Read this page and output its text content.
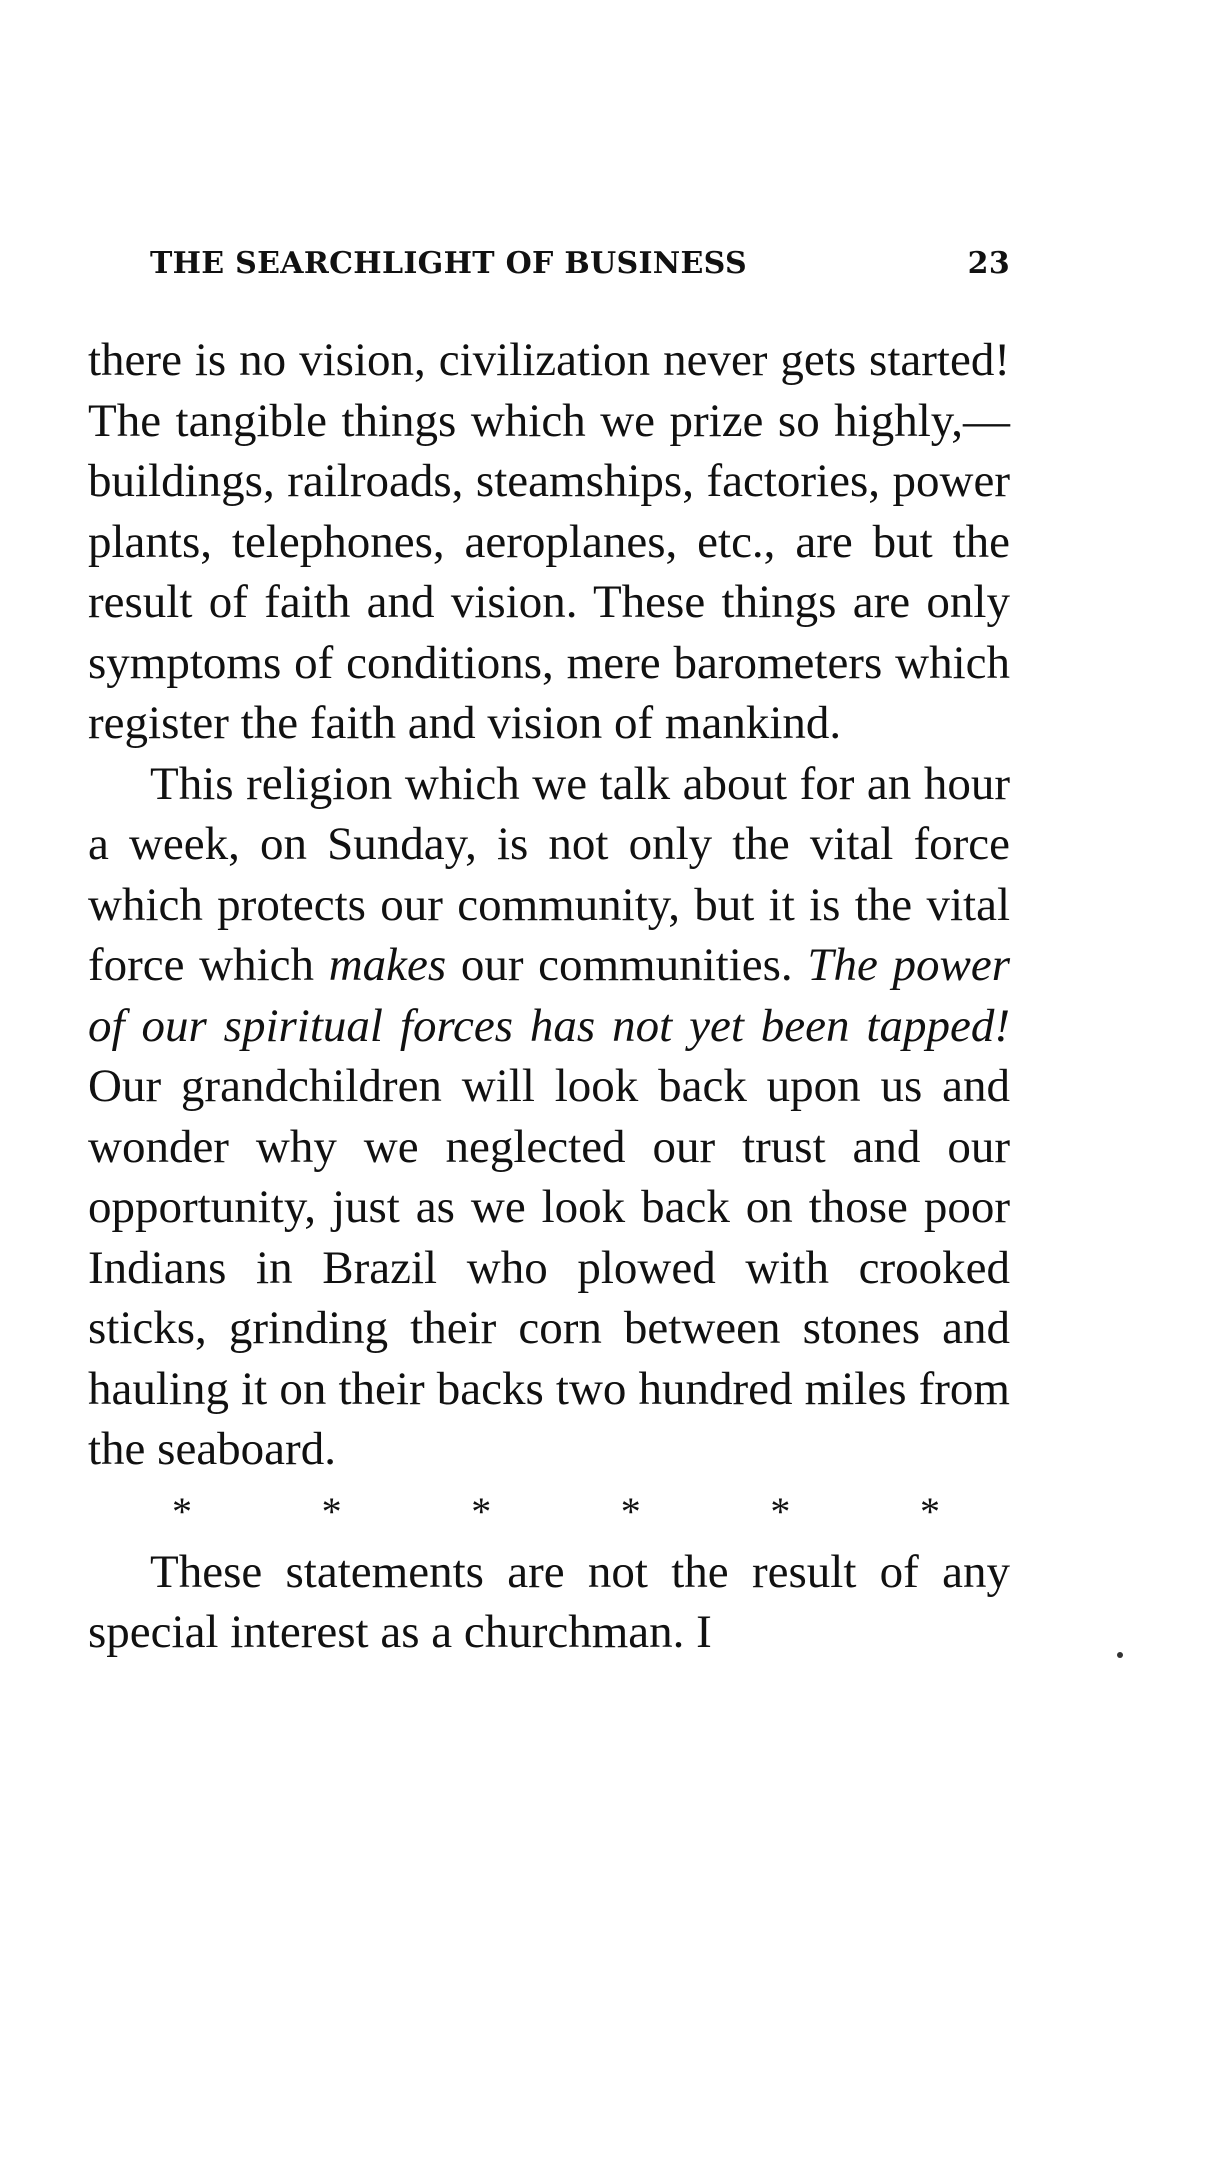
THE SEARCHLIGHT OF BUSINESS	23

there is no vision, civilization never gets started! The tangible things which we prize so highly,—buildings, railroads, steamships, factories, power plants, telephones, aeroplanes, etc., are but the result of faith and vision. These things are only symptoms of conditions, mere barometers which register the faith and vision of mankind.

This religion which we talk about for an hour a week, on Sunday, is not only the vital force which protects our community, but it is the vital force which makes our communities. The power of our spiritual forces has not yet been tapped! Our grandchildren will look back upon us and wonder why we neglected our trust and our opportunity, just as we look back on those poor Indians in Brazil who plowed with crooked sticks, grinding their corn between stones and hauling it on their backs two hundred miles from the seaboard.

*	*	*	*	*	*

These statements are not the result of any special interest as a churchman. I
